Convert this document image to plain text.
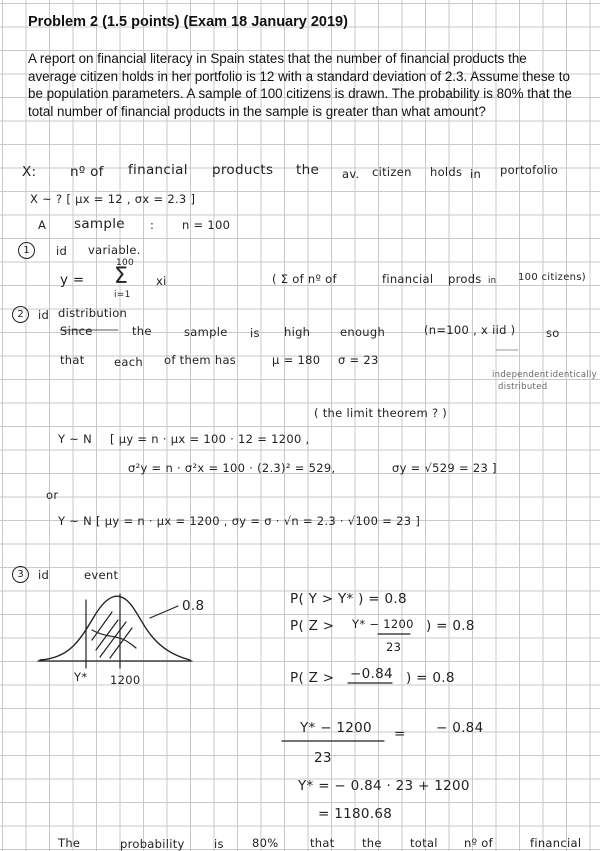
Problem 2 (1.5 points) (Exam 18 January 2019)

A report on financial literacy in Spain states that the number of financial products the average citizen holds in her portfolio is 12 with a standard deviation of 2.3. Assume these to be population parameters. A sample of 100 citizens is drawn. The probability is 80% that the total number of financial products in the sample is greater than what amount?

X: nº of financial products the av. citizen holds in portofolio
X ~ ? [ μx = 12 , σx = 2.3 ]
A sample : n = 100
1	id variable.
100
y = Σ xi
i=1
( Σ of nº of	financial prods in 100 citizens)
2	id distribution
Since	the	sample is high	enough	(n=100 , x iid )	so
that	each of them has	μ = 180 σ = 23
independent identically
distributed
( the limit theorem ? )
Y ~ N [ μy = n · μx = 100 · 12 = 1200 ,
σ²y = n · σ²x = 100 · (2.3)² = 529,	σy = √529 = 23 ]
or
Y ~ N [ μy = n · μx = 1200 , σy = σ · √n = 2.3 · √100 = 23 ]
3	id	event
0.8
Y* 1200
P( Y > Y* ) = 0.8
P( Z > Y* − 1200
23
) = 0.8
P( Z > −0.84 ) = 0.8
Y* − 1200
23
= − 0.84
Y* = − 0.84 · 23 + 1200
= 1180.68
The	probability	is 80%	that the total nº of	financial
